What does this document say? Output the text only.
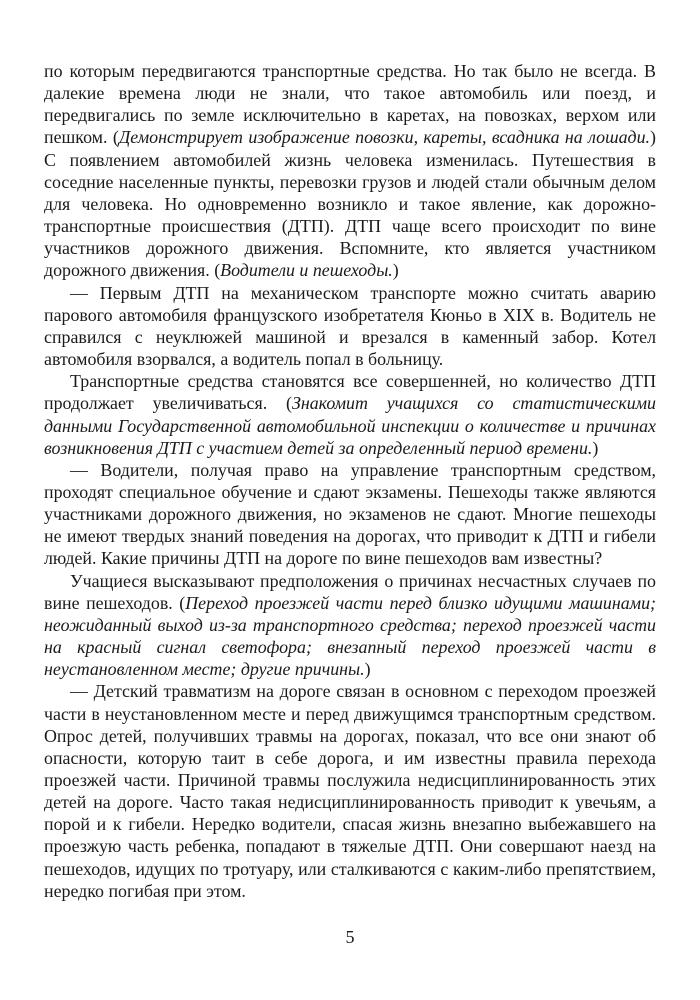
по которым передвигаются транспортные средства. Но так было не всегда. В далекие времена люди не знали, что такое автомобиль или поезд, и передвигались по земле исключительно в каретах, на повозках, верхом или пешком. (Демонстрирует изображение повозки, кареты, всадника на лошади.) С появлением автомобилей жизнь человека изменилась. Путешествия в соседние населенные пункты, перевозки грузов и людей стали обычным делом для человека. Но одновременно возникло и такое явление, как дорожно-транспортные происшествия (ДТП). ДТП чаще всего происходит по вине участников дорожного движения. Вспомните, кто является участником дорожного движения. (Водители и пешеходы.)

— Первым ДТП на механическом транспорте можно считать аварию парового автомобиля французского изобретателя Кюньо в XIX в. Водитель не справился с неуклюжей машиной и врезался в каменный забор. Котел автомобиля взорвался, а водитель попал в больницу.

Транспортные средства становятся все совершенней, но количество ДТП продолжает увеличиваться. (Знакомит учащихся со статистическими данными Государственной автомобильной инспекции о количестве и причинах возникновения ДТП с участием детей за определенный период времени.)

— Водители, получая право на управление транспортным средством, проходят специальное обучение и сдают экзамены. Пешеходы также являются участниками дорожного движения, но экзаменов не сдают. Многие пешеходы не имеют твердых знаний поведения на дорогах, что приводит к ДТП и гибели людей. Какие причины ДТП на дороге по вине пешеходов вам известны?

Учащиеся высказывают предположения о причинах несчастных случаев по вине пешеходов. (Переход проезжей части перед близко идущими машинами; неожиданный выход из-за транспортного средства; переход проезжей части на красный сигнал светофора; внезапный переход проезжей части в неустановленном месте; другие причины.)

— Детский травматизм на дороге связан в основном с переходом проезжей части в неустановленном месте и перед движущимся транспортным средством. Опрос детей, получивших травмы на дорогах, показал, что все они знают об опасности, которую таит в себе дорога, и им известны правила перехода проезжей части. Причиной травмы послужила недисциплинированность этих детей на дороге. Часто такая недисциплинированность приводит к увечьям, а порой и к гибели. Нередко водители, спасая жизнь внезапно выбежавшего на проезжую часть ребенка, попадают в тяжелые ДТП. Они совершают наезд на пешеходов, идущих по тротуару, или сталкиваются с каким-либо препятствием, нередко погибая при этом.

5
